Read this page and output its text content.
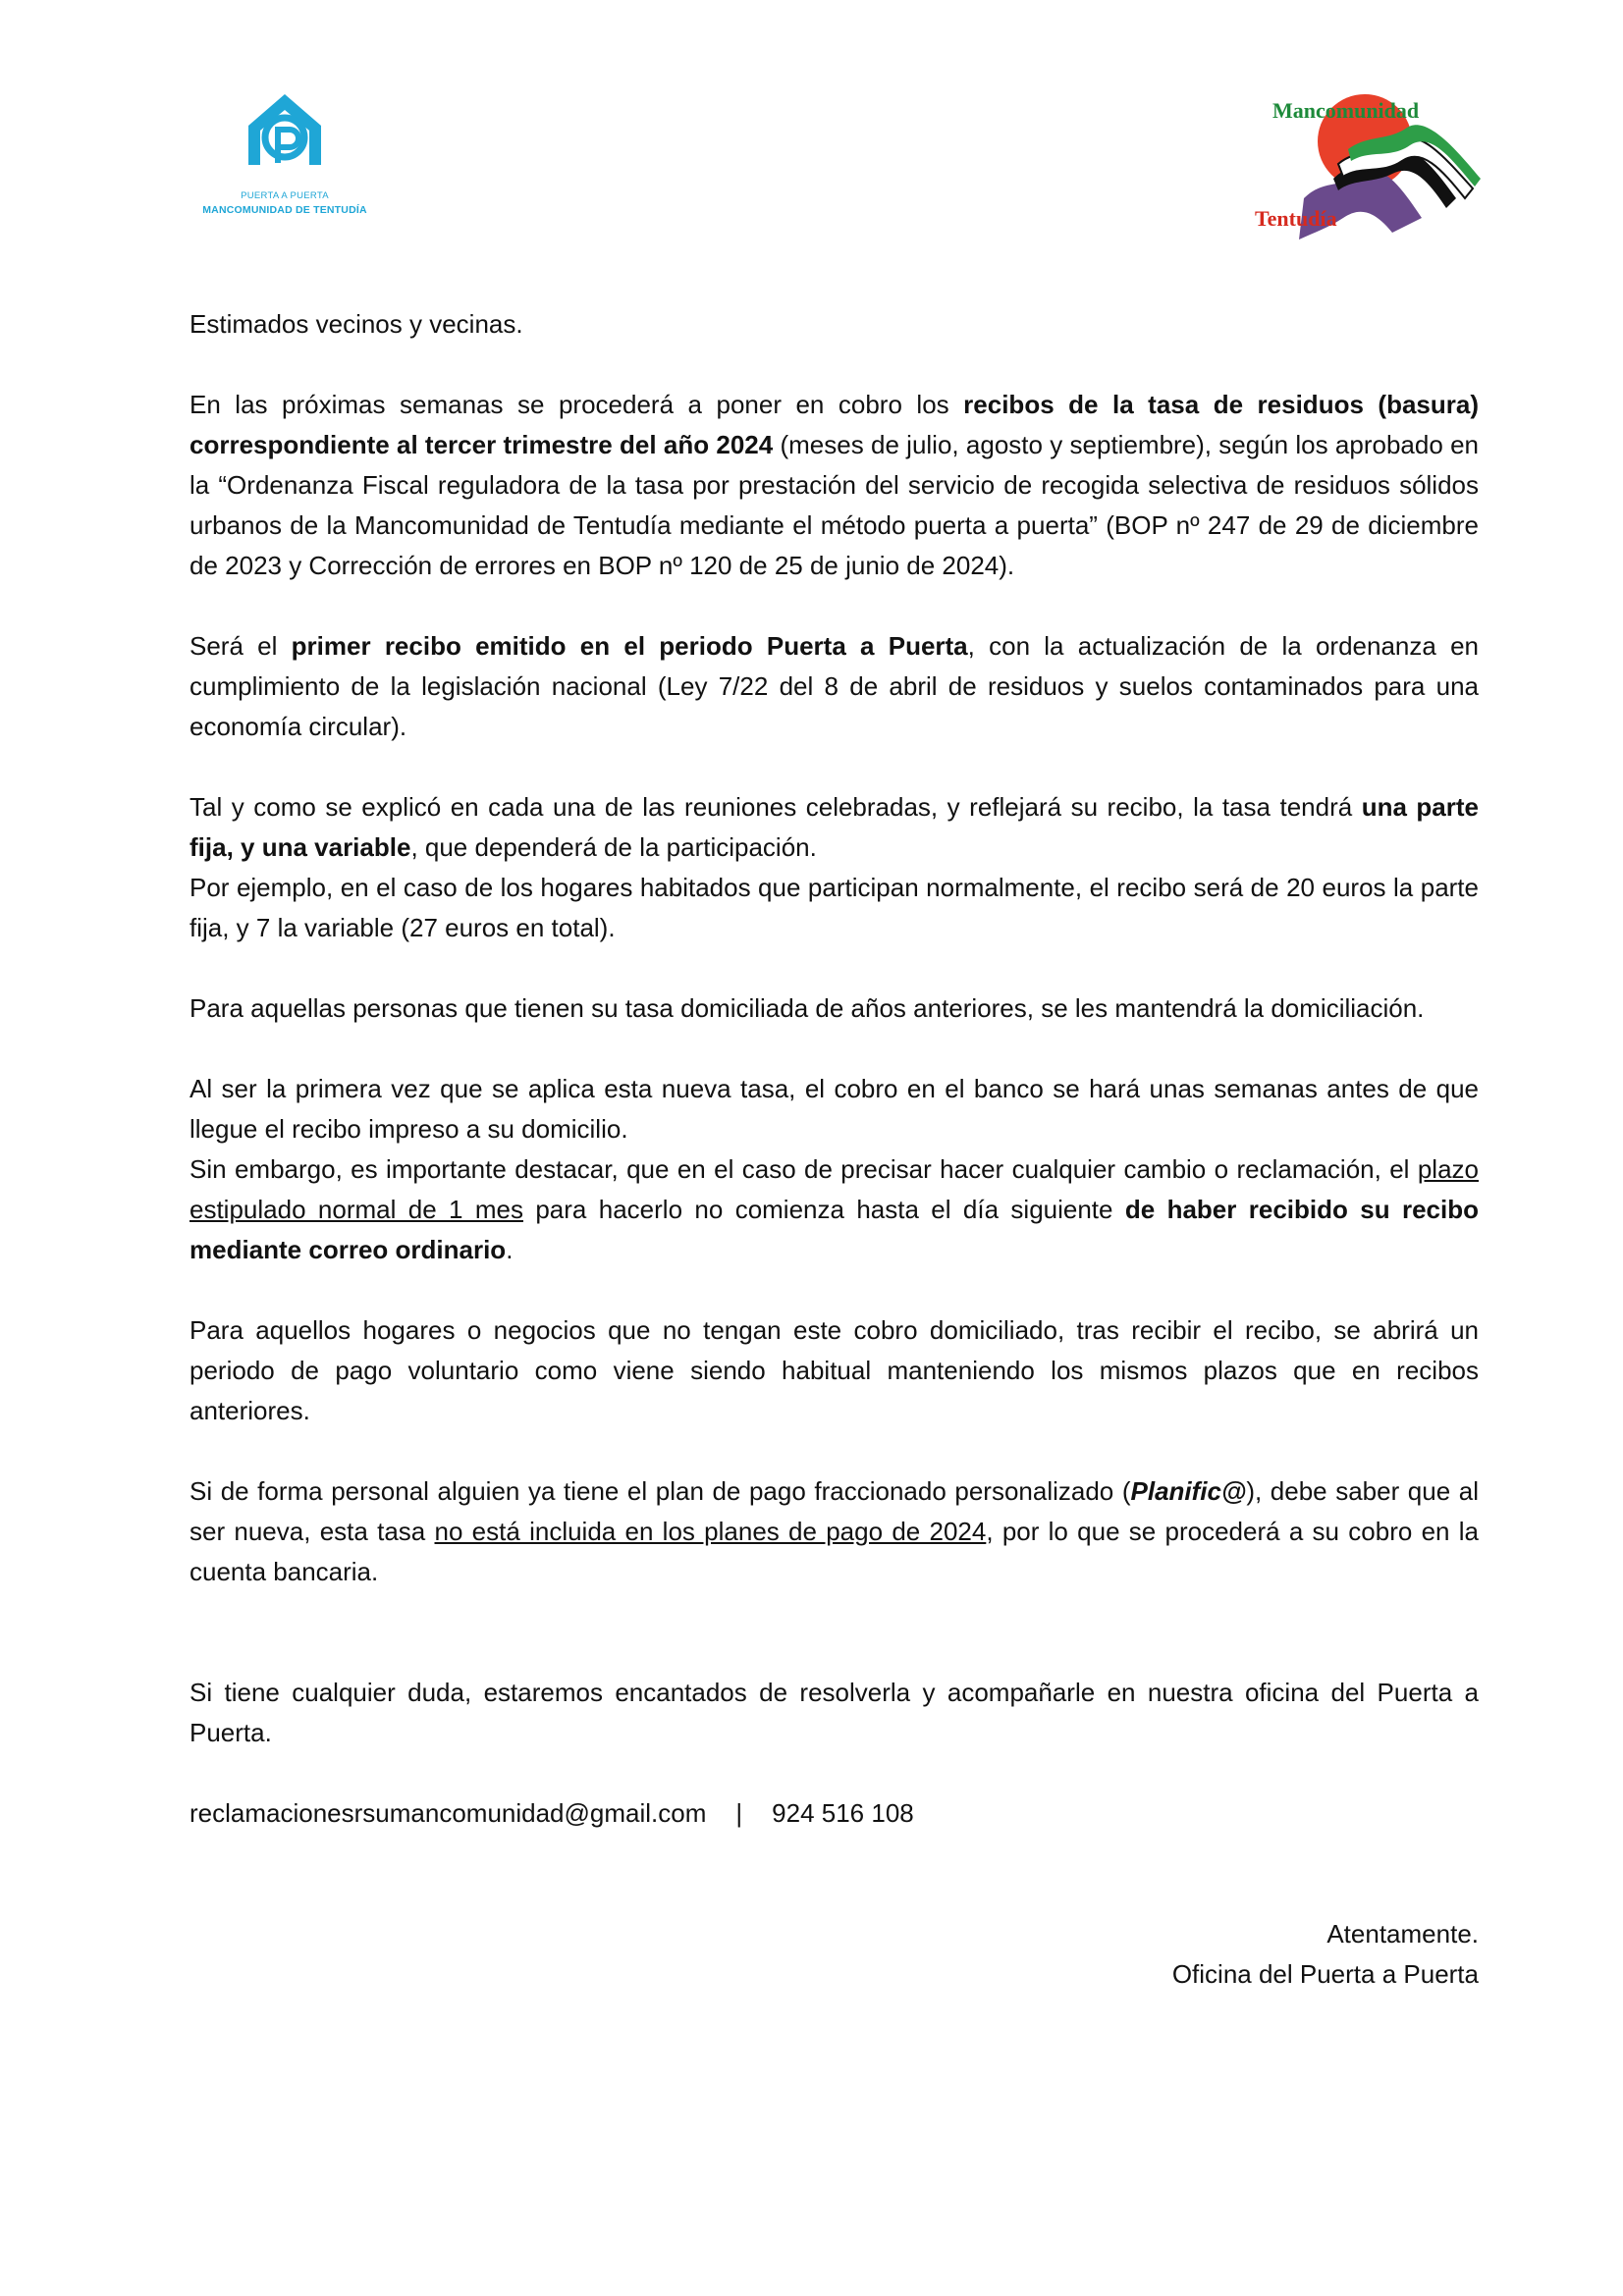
PUERTA A PUERTA
MANCOMUNIDAD DE TENTUDÍA
Mancomunidad
Tentudía

Estimados vecinos y vecinas.

En las próximas semanas se procederá a poner en cobro los recibos de la tasa de residuos (basura) correspondiente al tercer trimestre del año 2024 (meses de julio, agosto y septiembre), según los aprobado en la “Ordenanza Fiscal reguladora de la tasa por prestación del servicio de recogida selectiva de residuos sólidos urbanos de la Mancomunidad de Tentudía mediante el método puerta a puerta” (BOP nº 247 de 29 de diciembre de 2023 y Corrección de errores en BOP nº 120 de 25 de junio de 2024).

Será el primer recibo emitido en el periodo Puerta a Puerta, con la actualización de la ordenanza en cumplimiento de la legislación nacional (Ley 7/22 del 8 de abril de residuos y suelos contaminados para una economía circular).

Tal y como se explicó en cada una de las reuniones celebradas, y reflejará su recibo, la tasa tendrá una parte fija, y una variable, que dependerá de la participación.

Por ejemplo, en el caso de los hogares habitados que participan normalmente, el recibo será de 20 euros la parte fija, y 7 la variable (27 euros en total).

Para aquellas personas que tienen su tasa domiciliada de años anteriores, se les mantendrá la domiciliación.

Al ser la primera vez que se aplica esta nueva tasa, el cobro en el banco se hará unas semanas antes de que llegue el recibo impreso a su domicilio.

Sin embargo, es importante destacar, que en el caso de precisar hacer cualquier cambio o reclamación, el plazo estipulado normal de 1 mes para hacerlo no comienza hasta el día siguiente de haber recibido su recibo mediante correo ordinario.

Para aquellos hogares o negocios que no tengan este cobro domiciliado, tras recibir el recibo, se abrirá un periodo de pago voluntario como viene siendo habitual manteniendo los mismos plazos que en recibos anteriores.

Si de forma personal alguien ya tiene el plan de pago fraccionado personalizado (Planific@), debe saber que al ser nueva, esta tasa no está incluida en los planes de pago de 2024, por lo que se procederá a su cobro en la cuenta bancaria.

Si tiene cualquier duda, estaremos encantados de resolverla y acompañarle en nuestra oficina del Puerta a Puerta.

reclamacionesrsumancomunidad@gmail.com | 924 516 108

Atentamente.

Oficina del Puerta a Puerta
